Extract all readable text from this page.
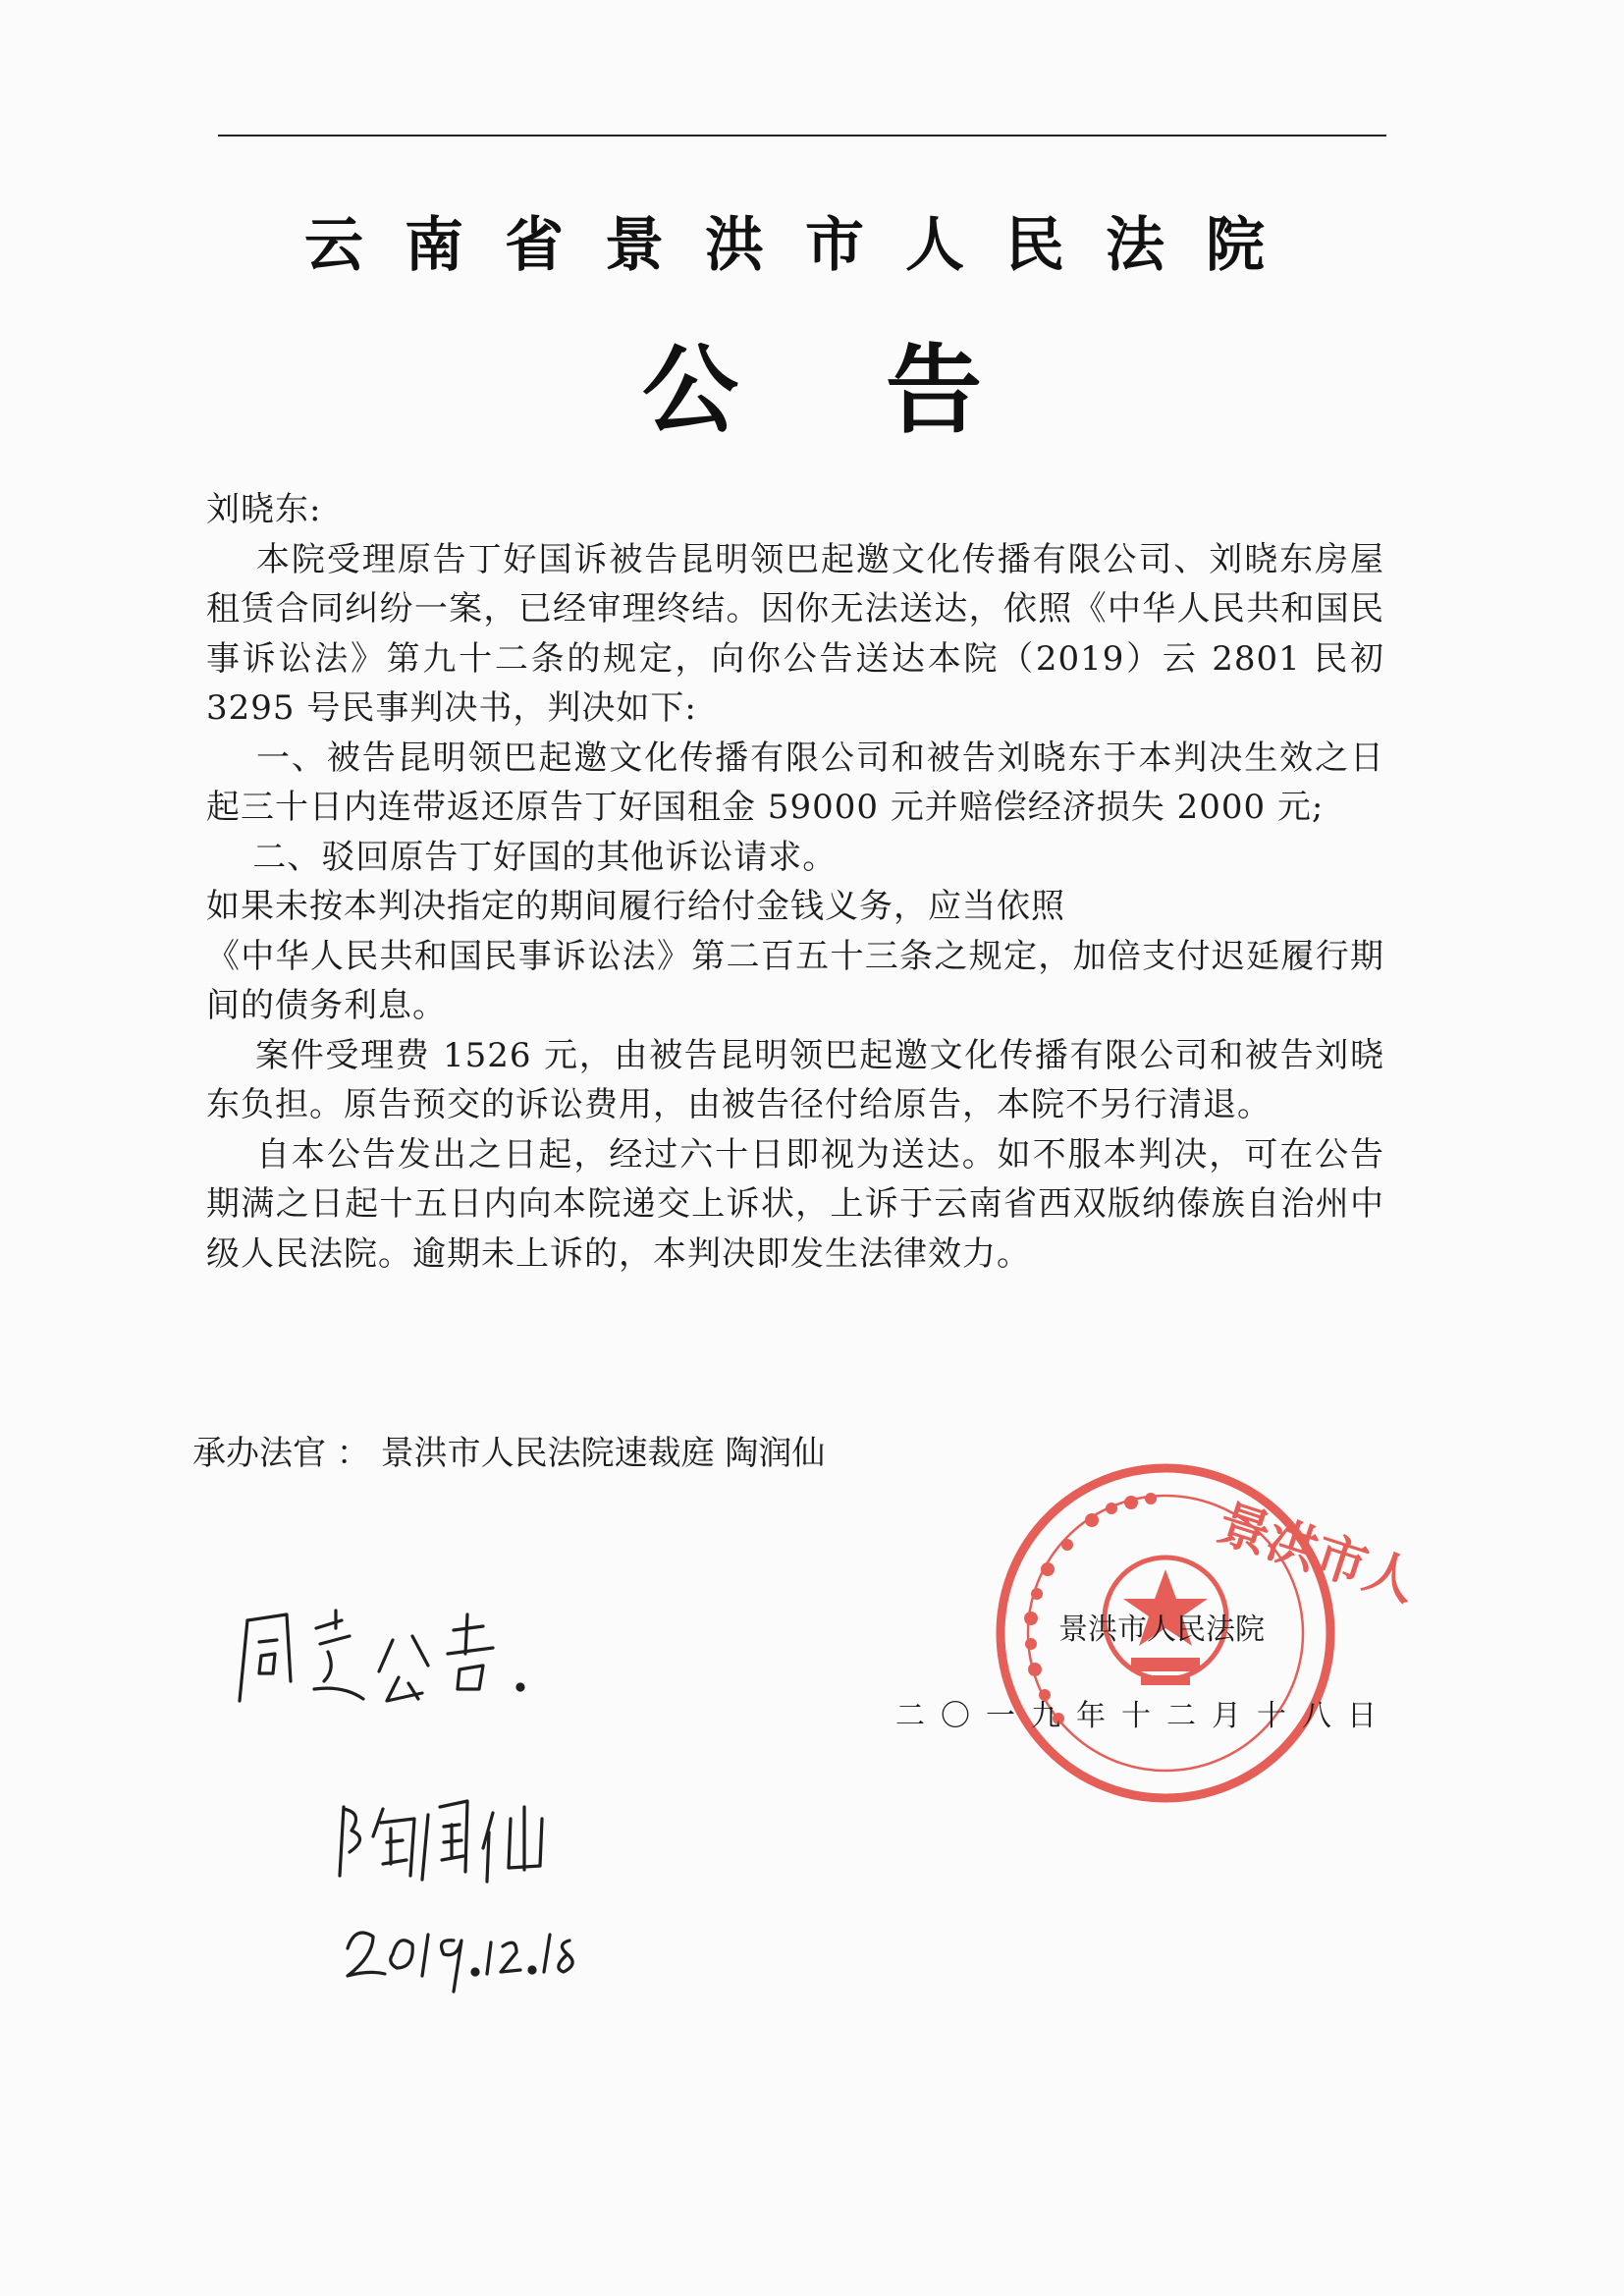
云南省景洪市人民法院
公告

刘晓东:

本院受理原告丁好国诉被告昆明领巴起邀文化传播有限公司、刘晓东房屋租赁合同纠纷一案，已经审理终结。因你无法送达，依照《中华人民共和国民事诉讼法》第九十二条的规定，向你公告送达本院（2019）云 2801 民初 3295 号民事判决书，判决如下:

一、被告昆明领巴起邀文化传播有限公司和被告刘晓东于本判决生效之日起三十日内连带返还原告丁好国租金 59000 元并赔偿经济损失 2000 元;

二、驳回原告丁好国的其他诉讼请求。

如果未按本判决指定的期间履行给付金钱义务，应当依照

《中华人民共和国民事诉讼法》第二百五十三条之规定，加倍支付迟延履行期间的债务利息。

案件受理费 1526 元，由被告昆明领巴起邀文化传播有限公司和被告刘晓东负担。原告预交的诉讼费用，由被告径付给原告，本院不另行清退。

自本公告发出之日起，经过六十日即视为送达。如不服本判决，可在公告期满之日起十五日内向本院递交上诉状，上诉于云南省西双版纳傣族自治州中级人民法院。逾期未上诉的，本判决即发生法律效力。

承办法官 ： 景洪市人民法院速裁庭 陶润仙
景洪市人
景洪市人民法院
二〇一九年十二月十八日
